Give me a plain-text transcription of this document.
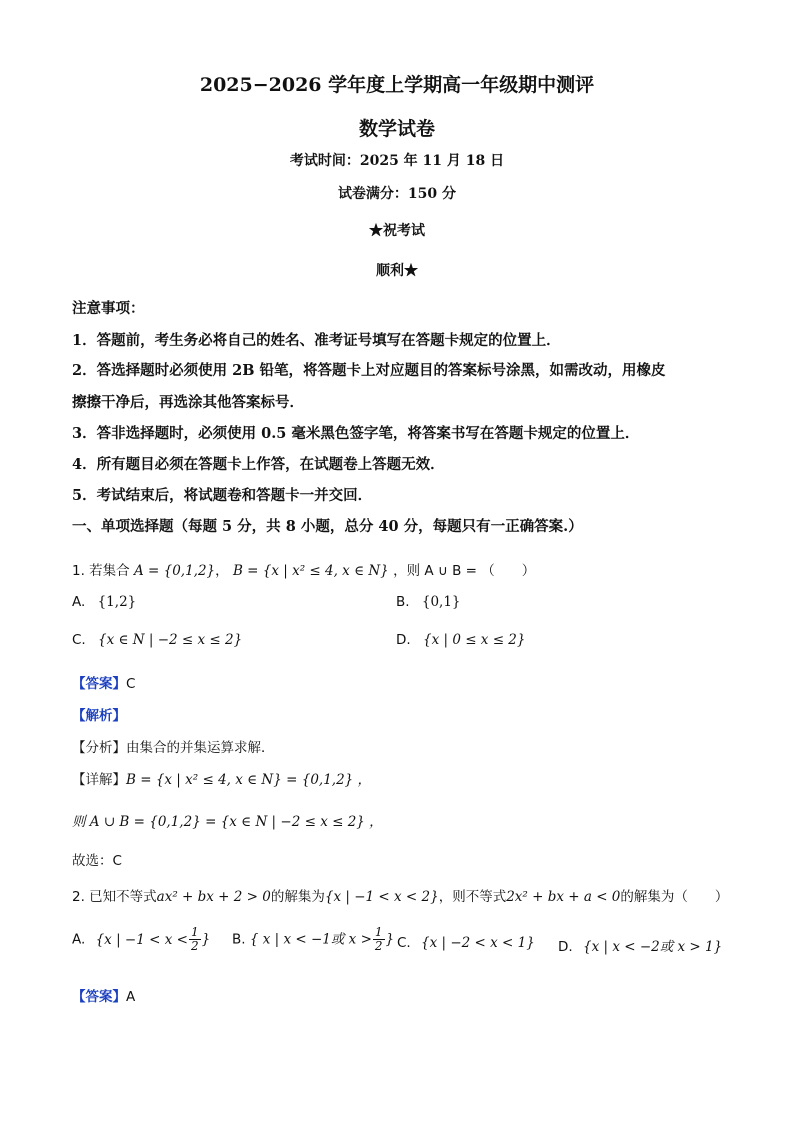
2025−2026 学年度上学期高一年级期中测评
数学试卷
考试时间：2025 年 11 月 18 日
试卷满分：150 分
★祝考试
顺利★
注意事项：
1．答题前，考生务必将自己的姓名、准考证号填写在答题卡规定的位置上．
2．答选择题时必须使用 2B 铅笔，将答题卡上对应题目的答案标号涂黑，如需改动，用橡皮
擦擦干净后，再选涂其他答案标号．
3．答非选择题时，必须使用 0.5 毫米黑色签字笔，将答案书写在答题卡规定的位置上．
4．所有题目必须在答题卡上作答，在试题卷上答题无效．
5．考试结束后，将试题卷和答题卡一并交回．
一、单项选择题（每题 5 分，共 8 小题，总分 40 分，每题只有一正确答案.）
1. 若集合 A = {0,1,2}， B = {x | x² ≤ 4, x ∈ N} ，则 A ∪ B = （　　）
A. {1,2}	B. {0,1}
C. {x ∈ N | −2 ≤ x ≤ 2}	D. {x | 0 ≤ x ≤ 2}
【答案】C
【解析】
【分析】由集合的并集运算求解．
【详解】B = {x | x² ≤ 4, x ∈ N} = {0,1,2} ，
则 A ∪ B = {0,1,2} = {x ∈ N | −2 ≤ x ≤ 2} ，
故选：C
2. 已知不等式ax² + bx + 2 > 0的解集为{x | −1 < x < 2}，则不等式2x² + bx + a < 0的解集为（　　）
A. {x | $-1 < x < \frac{1}{2}$ } B. { x | x < −1或 $x > \frac{1}{2}$ } C. {x | −2 < x < 1} D. {x | x < −2或 x > 1}
【答案】A
